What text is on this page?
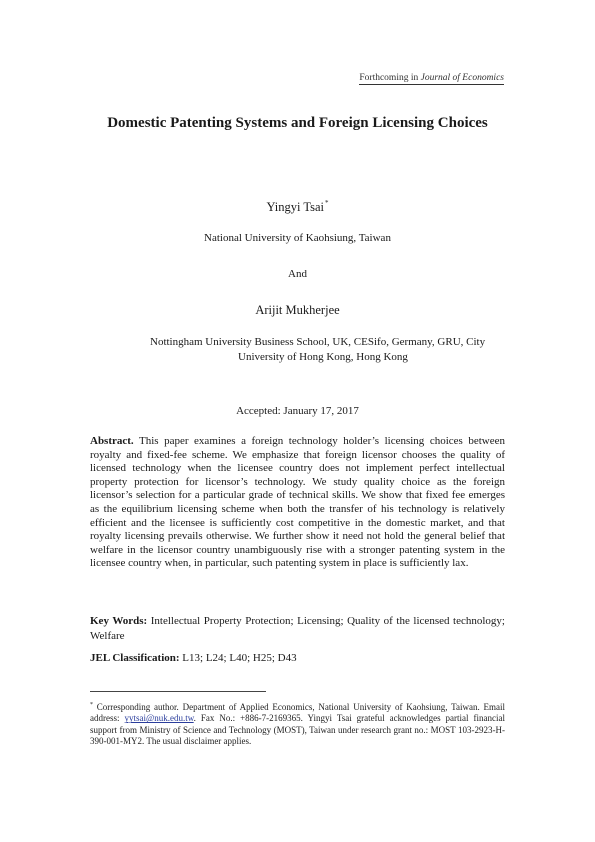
Forthcoming in Journal of Economics
Domestic Patenting Systems and Foreign Licensing Choices
Yingyi Tsai*
National University of Kaohsiung, Taiwan
And
Arijit Mukherjee
Nottingham University Business School, UK, CESifo, Germany, GRU, City
University of Hong Kong, Hong Kong
Accepted: January 17, 2017
Abstract. This paper examines a foreign technology holder’s licensing choices between royalty and fixed-fee scheme. We emphasize that foreign licensor chooses the quality of licensed technology when the licensee country does not implement perfect intellectual property protection for licensor’s technology. We study quality choice as the foreign licensor’s selection for a particular grade of technical skills. We show that fixed fee emerges as the equilibrium licensing scheme when both the transfer of his technology is relatively efficient and the licensee is sufficiently cost competitive in the domestic market, and that royalty licensing prevails otherwise. We further show it need not hold the general belief that welfare in the licensor country unambiguously rise with a stronger patenting system in the licensee country when, in particular, such patenting system in place is sufficiently lax.
Key Words: Intellectual Property Protection; Licensing; Quality of the licensed technology; Welfare
JEL Classification: L13; L24; L40; H25; D43
* Corresponding author. Department of Applied Economics, National University of Kaohsiung, Taiwan. Email address: yytsai@nuk.edu.tw. Fax No.: +886-7-2169365. Yingyi Tsai grateful acknowledges partial financial support from Ministry of Science and Technology (MOST), Taiwan under research grant no.: MOST 103-2923-H-390-001-MY2. The usual disclaimer applies.
